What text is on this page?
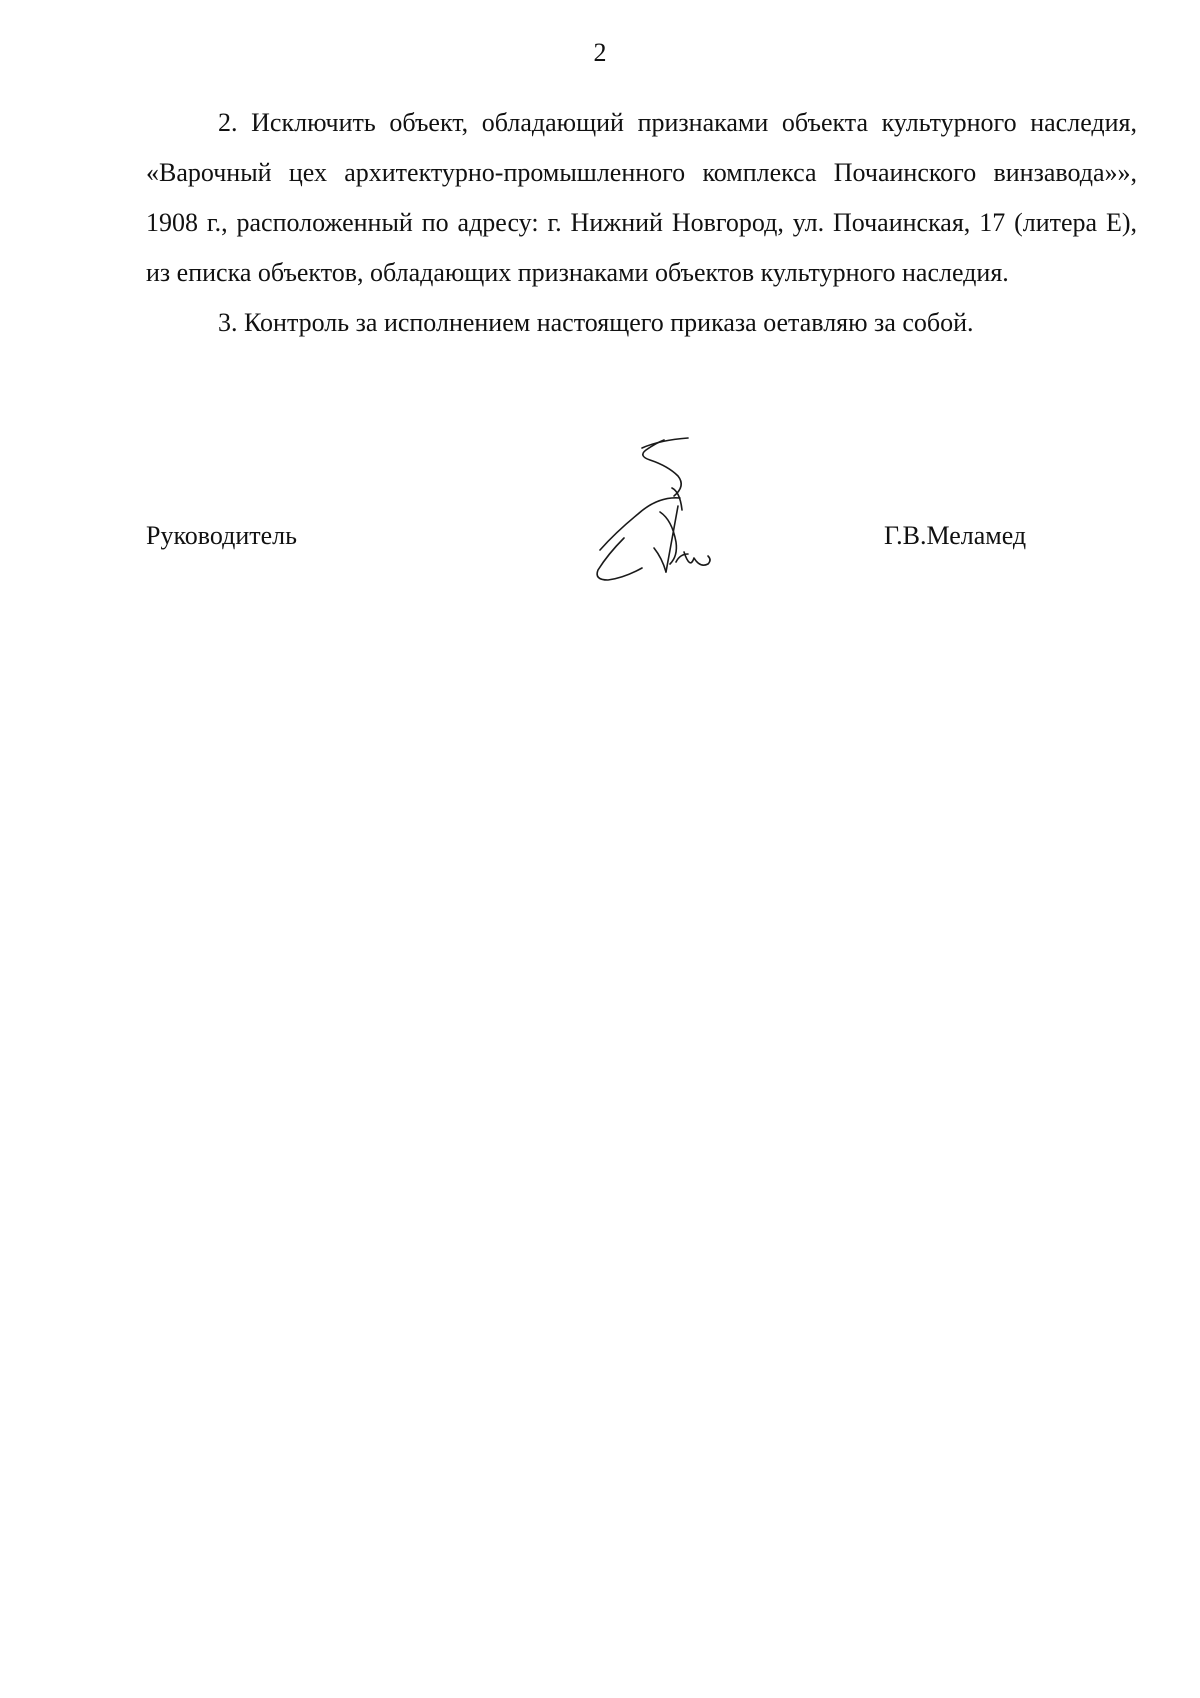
2

2. Исключить объект, обладающий признаками объекта культурного наследия, «Варочный цех архитектурно-промышленного комплекса Почаинского винзавода»», 1908 г., расположенный по адресу: г. Нижний Новгород, ул. Почаинская, 17 (литера Е), из еписка объектов, обладающих признаками объектов культурного наследия.

3. Контроль за исполнением настоящего приказа оетавляю за собой.

Руководитель	Г.В.Меламед
